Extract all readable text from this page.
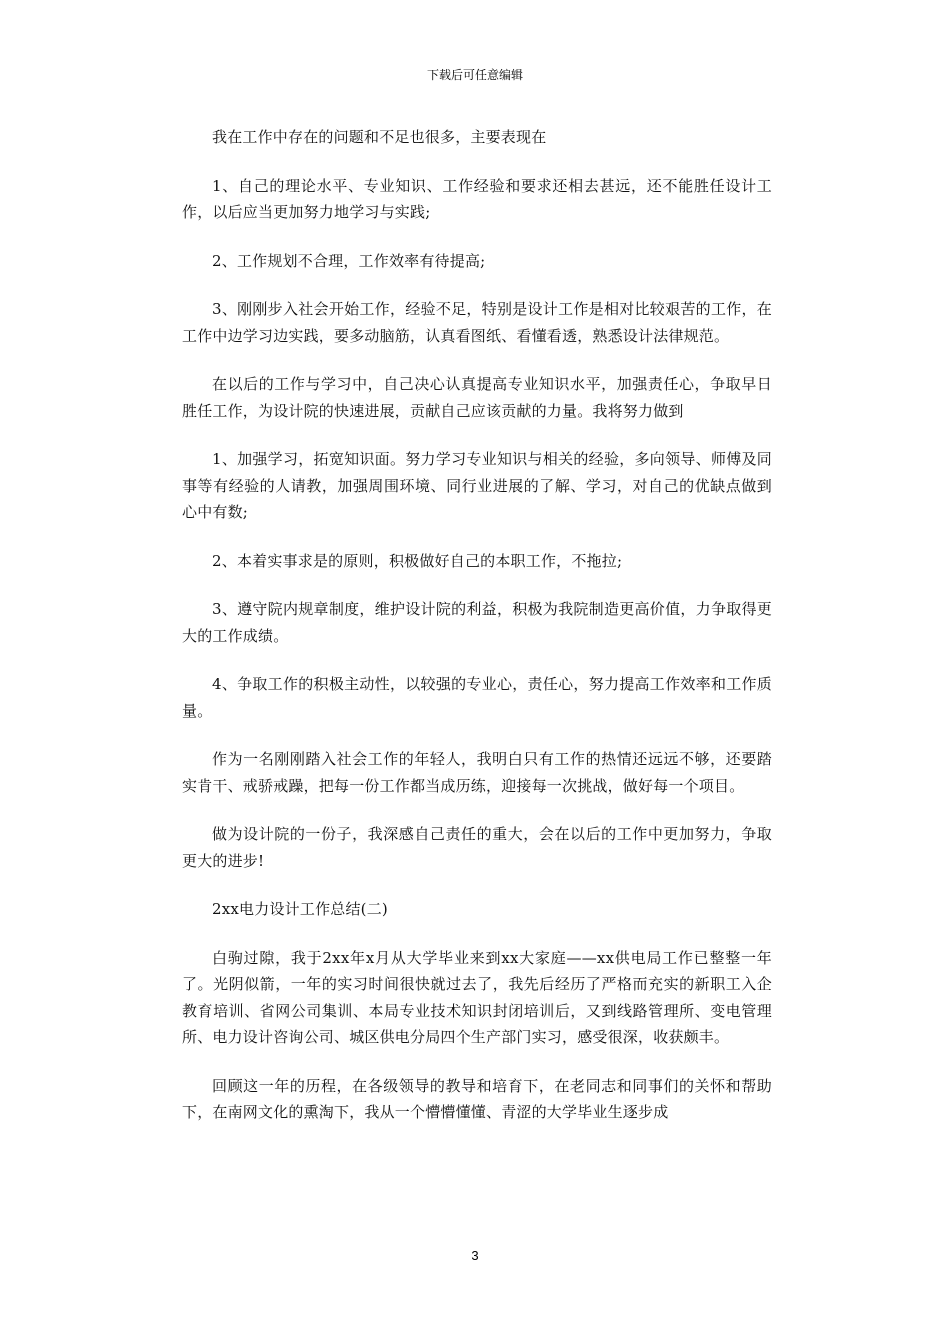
下载后可任意编辑

我在工作中存在的问题和不足也很多，主要表现在

1、自己的理论水平、专业知识、工作经验和要求还相去甚远，还不能胜任设计工作，以后应当更加努力地学习与实践;

2、工作规划不合理，工作效率有待提高;

3、刚刚步入社会开始工作，经验不足，特别是设计工作是相对比较艰苦的工作，在工作中边学习边实践，要多动脑筋，认真看图纸、看懂看透，熟悉设计法律规范。

在以后的工作与学习中，自己决心认真提高专业知识水平，加强责任心，争取早日胜任工作，为设计院的快速进展，贡献自己应该贡献的力量。我将努力做到

1、加强学习，拓宽知识面。努力学习专业知识与相关的经验，多向领导、师傅及同事等有经验的人请教，加强周围环境、同行业进展的了解、学习，对自己的优缺点做到心中有数;

2、本着实事求是的原则，积极做好自己的本职工作，不拖拉;

3、遵守院内规章制度，维护设计院的利益，积极为我院制造更高价值，力争取得更大的工作成绩。

4、争取工作的积极主动性，以较强的专业心，责任心，努力提高工作效率和工作质量。

作为一名刚刚踏入社会工作的年轻人，我明白只有工作的热情还远远不够，还要踏实肯干、戒骄戒躁，把每一份工作都当成历练，迎接每一次挑战，做好每一个项目。

做为设计院的一份子，我深感自己责任的重大，会在以后的工作中更加努力，争取更大的进步!

2xx电力设计工作总结(二)

白驹过隙，我于2xx年x月从大学毕业来到xx大家庭——xx供电局工作已整整一年了。光阴似箭，一年的实习时间很快就过去了，我先后经历了严格而充实的新职工入企教育培训、省网公司集训、本局专业技术知识封闭培训后，又到线路管理所、变电管理所、电力设计咨询公司、城区供电分局四个生产部门实习，感受很深，收获颇丰。

回顾这一年的历程，在各级领导的教导和培育下，在老同志和同事们的关怀和帮助下，在南网文化的熏淘下，我从一个懵懵懂懂、青涩的大学毕业生逐步成

3
